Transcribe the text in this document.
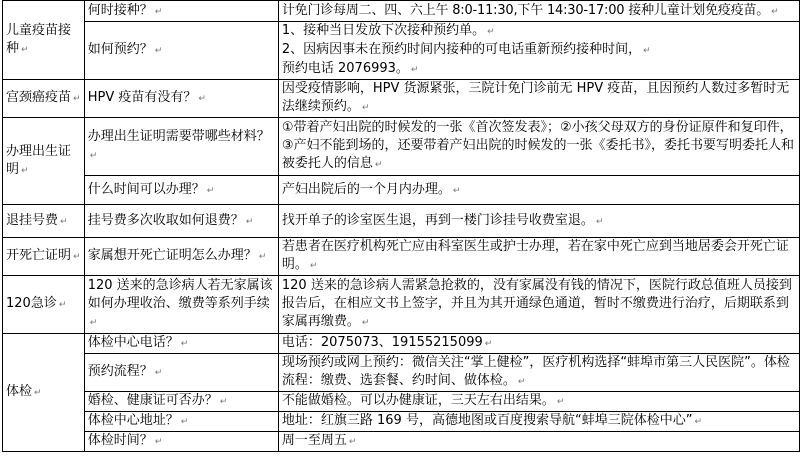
儿童疫苗接种 ↵	何时接种？ ↵	计免门诊每周二、四、六上午 8:0-11:30,下午 14:30-17:00 接种儿童计划免疫疫苗。 ↵
	如何预约？ ↵	1、接种当日发放下次接种预约单。 ↵
2、因病因事未在预约时间内接种的可电话重新预约接种时间， ↵
预约电话 2076993。 ↵

宫颈癌疫苗 ↵	HPV 疫苗有没有？ ↵	因受疫情影响，HPV 货源紧张，三院计免门诊前无 HPV 疫苗，且因预约人数过多暂时无法继续预约。 ↵
办理出生证明 ↵	办理出生证明需要带哪些材料？↵	①带着产妇出院的时候发的一张《首次签发表》；②小孩父母双方的身份证原件和复印件，③产妇不能到场的，还要带着产妇出院的时候发的一张《委托书》，委托书要写明委托人和被委托人的信息 ↵
	什么时间可以办理？ ↵	产妇出院后的一个月内办理。 ↵
退挂号费 ↵	挂号费多次收取如何退费？ ↵	找开单子的诊室医生退，再到一楼门诊挂号收费室退。 ↵
开死亡证明 ↵	家属想开死亡证明怎么办理？ ↵	若患者在医疗机构死亡应由科室医生或护士办理，若在家中死亡应到当地居委会开死亡证明。 ↵
120急诊 ↵	120 送来的急诊病人若无家属该如何办理收治、缴费等系列手续↵	120 送来的急诊病人需紧急抢救的，没有家属没有钱的情况下，医院行政总值班人员接到报告后，在相应文书上签字，并且为其开通绿色通道，暂时不缴费进行治疗，后期联系到家属再缴费。 ↵
体检 ↵	体检中心电话？ ↵	电话：2075073、19155215099 ↵
	预约流程？ ↵	现场预约或网上预约：微信关注“掌上健检”，医疗机构选择“蚌埠市第三人民医院”。体检流程：缴费、选套餐、约时间、做体检。 ↵
	婚检、健康证可否办？ ↵	不能做婚检。可以办健康证，三天左右出结果。 ↵
	体检中心地址？ ↵	地址：红旗三路 169 号，高德地图或百度搜索导航“蚌埠三院体检中心” ↵
	体检时间？ ↵	周一至周五 ↵
